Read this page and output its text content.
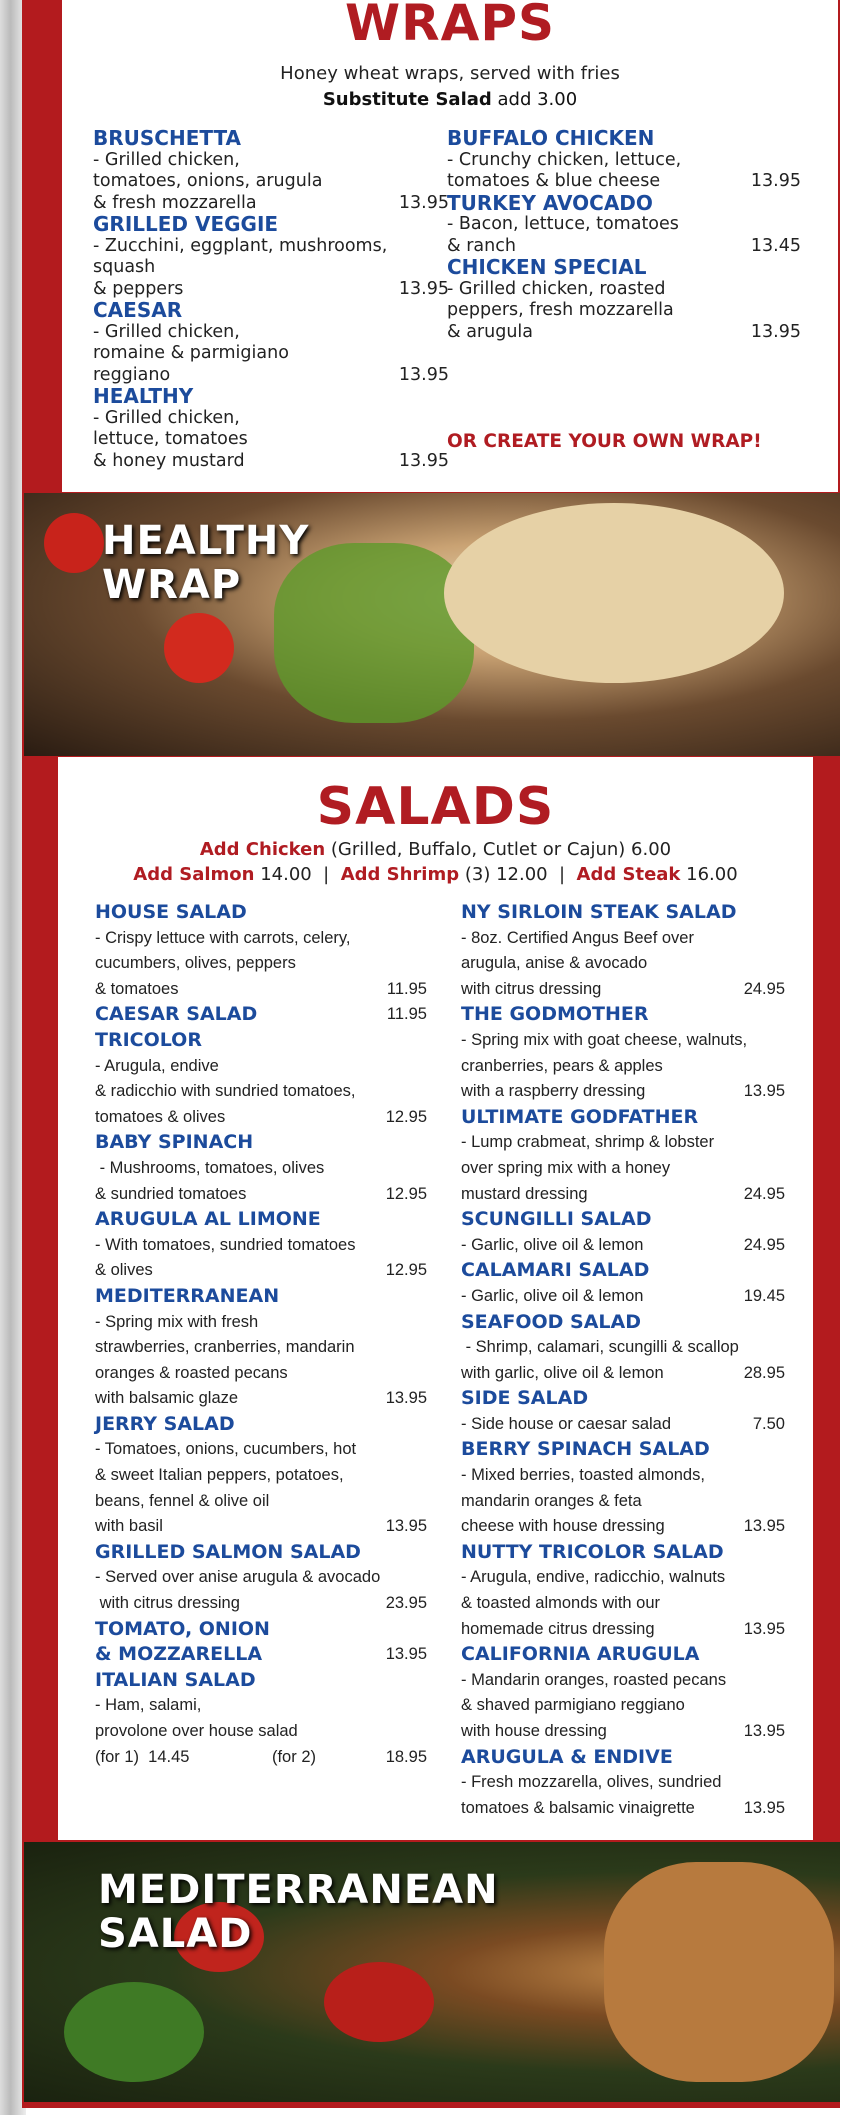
WRAPS
Honey wheat wraps, served with fries
Substitute Salad add 3.00
BRUSCHETTA
- Grilled chicken,
tomatoes, onions, arugula
& fresh mozzarella	13.95
GRILLED VEGGIE
- Zucchini, eggplant, mushrooms,
squash
& peppers	13.95
CAESAR
- Grilled chicken,
romaine & parmigiano
reggiano	13.95
HEALTHY
- Grilled chicken,
lettuce, tomatoes
& honey mustard	13.95
BUFFALO CHICKEN
- Crunchy chicken, lettuce,
tomatoes & blue cheese	13.95
TURKEY AVOCADO
- Bacon, lettuce, tomatoes
& ranch	13.45
CHICKEN SPECIAL
- Grilled chicken, roasted
peppers, fresh mozzarella
& arugula	13.95
OR CREATE YOUR OWN WRAP!
HEALTHY
WRAP
SALADS
Add Chicken (Grilled, Buffalo, Cutlet or Cajun) 6.00
Add Salmon 14.00  |  Add Shrimp (3) 12.00  |  Add Steak 16.00
HOUSE SALAD
- Crispy lettuce with carrots, celery,
cucumbers, olives, peppers
& tomatoes	11.95
CAESAR SALAD	11.95
TRICOLOR
- Arugula, endive
& radicchio with sundried tomatoes,
tomatoes & olives	12.95
BABY SPINACH
- Mushrooms, tomatoes, olives
& sundried tomatoes	12.95
ARUGULA AL LIMONE
- With tomatoes, sundried tomatoes
& olives	12.95
MEDITERRANEAN
- Spring mix with fresh
strawberries, cranberries, mandarin
oranges & roasted pecans
with balsamic glaze	13.95
JERRY SALAD
- Tomatoes, onions, cucumbers, hot
& sweet Italian peppers, potatoes,
beans, fennel & olive oil
with basil	13.95
GRILLED SALMON SALAD
- Served over anise arugula & avocado
with citrus dressing	23.95
TOMATO, ONION
& MOZZARELLA	13.95
ITALIAN SALAD
- Ham, salami,
provolone over house salad
(for 1)  14.45                  (for 2)	18.95
NY SIRLOIN STEAK SALAD
- 8oz. Certified Angus Beef over
arugula, anise & avocado
with citrus dressing	24.95
THE GODMOTHER
- Spring mix with goat cheese, walnuts,
cranberries, pears & apples
with a raspberry dressing	13.95
ULTIMATE GODFATHER
- Lump crabmeat, shrimp & lobster
over spring mix with a honey
mustard dressing	24.95
SCUNGILLI SALAD
- Garlic, olive oil & lemon	24.95
CALAMARI SALAD
- Garlic, olive oil & lemon	19.45
SEAFOOD SALAD
- Shrimp, calamari, scungilli & scallop
with garlic, olive oil & lemon	28.95
SIDE SALAD
- Side house or caesar salad	7.50
BERRY SPINACH SALAD
- Mixed berries, toasted almonds,
mandarin oranges & feta
cheese with house dressing	13.95
NUTTY TRICOLOR SALAD
- Arugula, endive, radicchio, walnuts
& toasted almonds with our
homemade citrus dressing	13.95
CALIFORNIA ARUGULA
- Mandarin oranges, roasted pecans
& shaved parmigiano reggiano
with house dressing	13.95
ARUGULA & ENDIVE
- Fresh mozzarella, olives, sundried
tomatoes & balsamic vinaigrette	13.95
MEDITERRANEAN
SALAD
